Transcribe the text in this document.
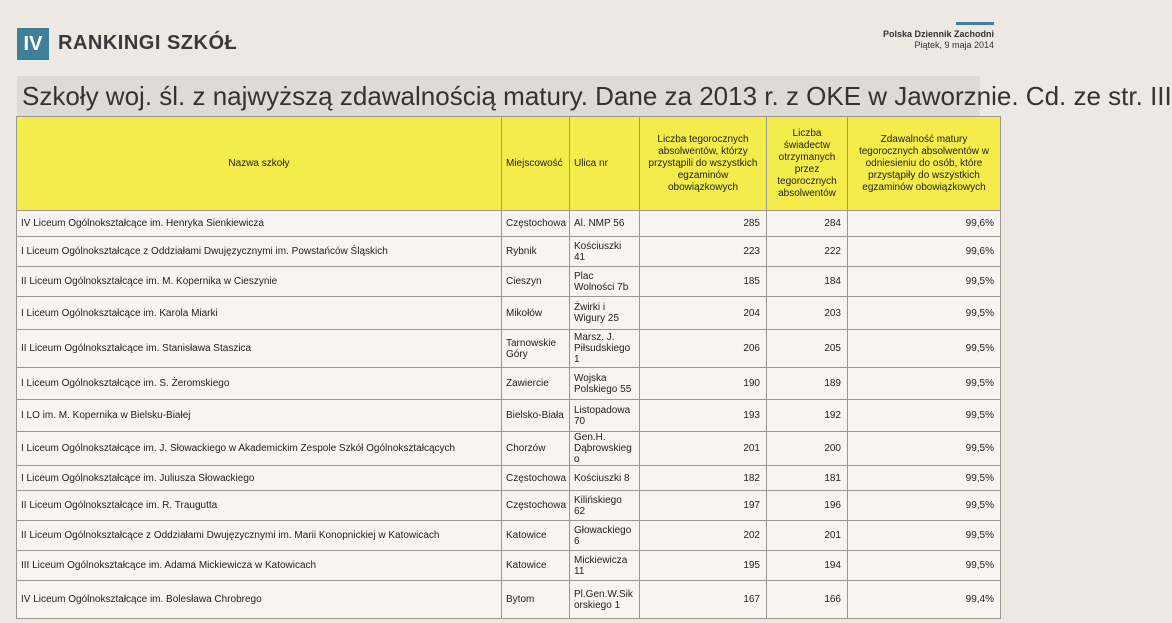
IV RANKINGI SZKÓŁ	Polska Dziennik Zachodni
Piątek, 9 maja 2014
Szkoły woj. śl. z najwyższą zdawalnością matury. Dane za 2013 r. z OKE w Jaworznie. Cd. ze str. III
Nazwa szkoły	Miejscowość	Ulica nr	Liczba tegorocznych absolwentów, którzy przystąpili do wszystkich egzaminów obowiązkowych	Liczba świadectw otrzymanych przez tegorocznych absolwentów	Zdawalność matury tegorocznych absolwentów w odniesieniu do osób, które przystąpiły do wszystkich egzaminów obowiązkowych
IV Liceum Ogólnokształcące im. Henryka Sienkiewicza	Częstochowa	Al. NMP 56	285	284	99,6%
I Liceum Ogólnokształcące z Oddziałami Dwujęzycznymi im. Powstańców Śląskich	Rybnik	Kościuszki 41	223	222	99,6%
II Liceum Ogólnokształcące im. M. Kopernika w Cieszynie	Cieszyn	Plac Wolności 7b	185	184	99,5%
I Liceum Ogólnokształcące im. Karola Miarki	Mikołów	Żwirki i Wigury 25	204	203	99,5%
II Liceum Ogólnokształcące im. Stanisława Staszica	Tarnowskie Góry	Marsz. J. Piłsudskiego 1	206	205	99,5%
I Liceum Ogólnokształcące im. S. Żeromskiego	Zawiercie	Wojska Polskiego 55	190	189	99,5%
I LO im. M. Kopernika w Bielsku-Białej	Bielsko-Biała	Listopadowa 70	193	192	99,5%
I Liceum Ogólnokształcące im. J. Słowackiego w Akademickim Zespole Szkół Ogólnokształcących	Chorzów	Gen.H. Dąbrowskieg o	201	200	99,5%
I Liceum Ogólnokształcące im. Juliusza Słowackiego	Częstochowa	Kościuszki 8	182	181	99,5%
II Liceum Ogólnokształcące im. R. Traugutta	Częstochowa	Kilińskiego 62	197	196	99,5%
II Liceum Ogólnokształcące z Oddziałami Dwujęzycznymi im. Marii Konopnickiej w Katowicach	Katowice	Głowackiego 6	202	201	99,5%
III Liceum Ogólnokształcące im. Adama Mickiewicza w Katowicach	Katowice	Mickiewicza 11	195	194	99,5%
IV Liceum Ogólnokształcące im. Bolesława Chrobrego	Bytom	Pl.Gen.W.Sik orskiego 1	167	166	99,4%
